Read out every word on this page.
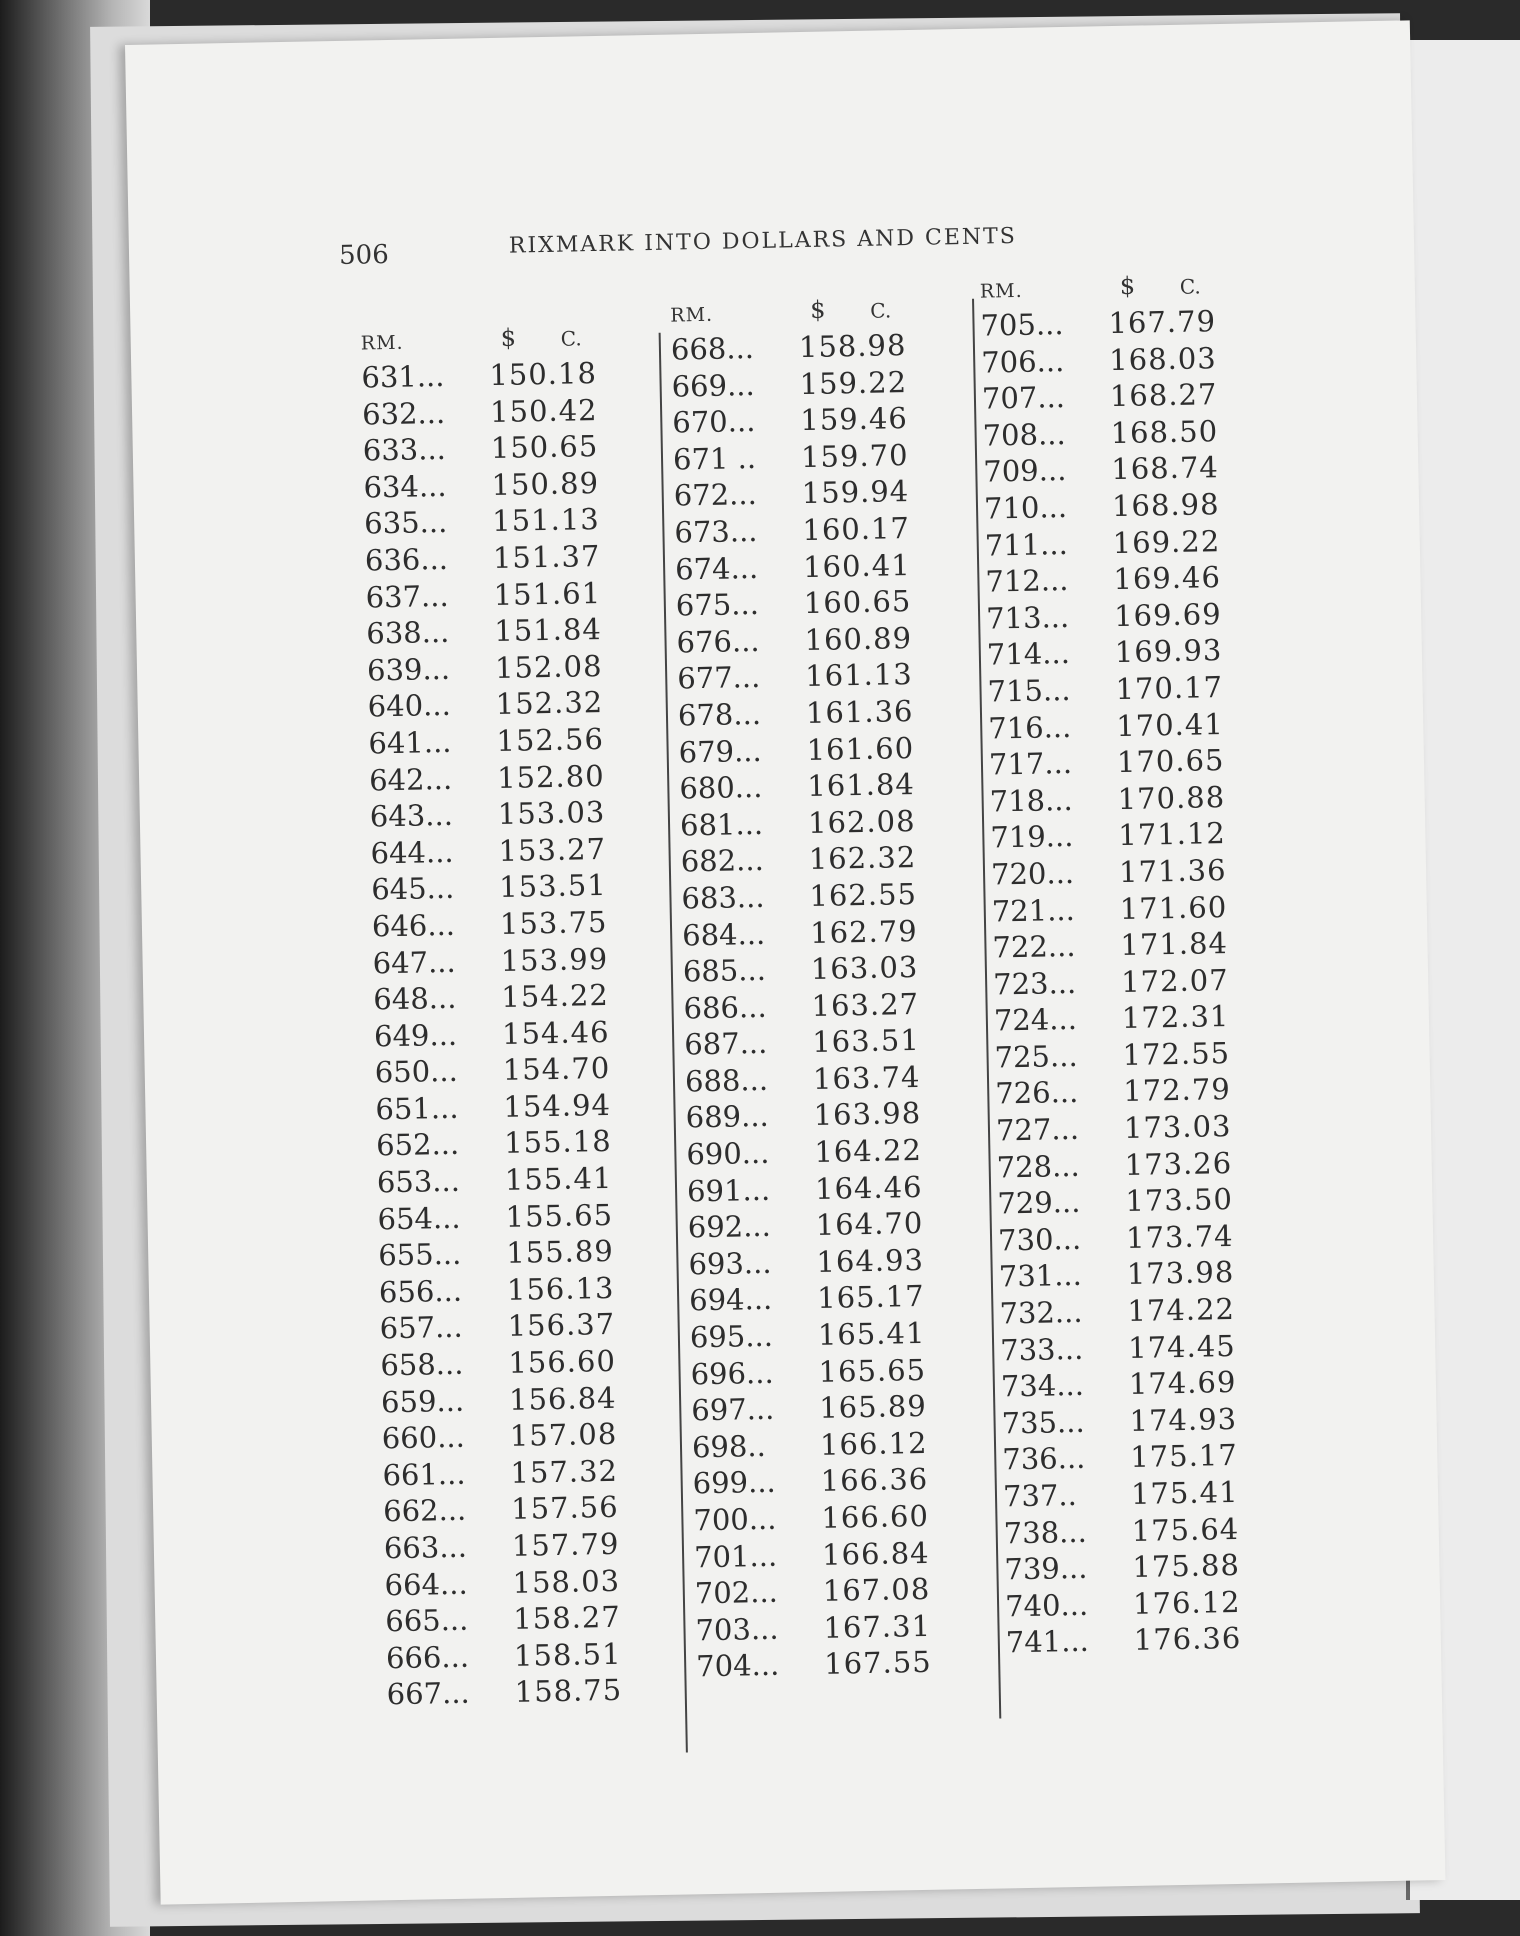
506	RIXMARK INTO DOLLARS AND CENTS
RM.	$ C.
631... 150.18
632... 150.42
633... 150.65
634... 150.89
635... 151.13
636... 151.37
637... 151.61
638... 151.84
639... 152.08
640... 152.32
641... 152.56
642... 152.80
643... 153.03
644... 153.27
645... 153.51
646... 153.75
647... 153.99
648... 154.22
649... 154.46
650... 154.70
651... 154.94
652... 155.18
653... 155.41
654... 155.65
655... 155.89
656... 156.13
657... 156.37
658... 156.60
659... 156.84
660... 157.08
661... 157.32
662... 157.56
663... 157.79
664... 158.03
665... 158.27
666... 158.51
667... 158.75
RM.	$ C.
668... 158.98
669... 159.22
670... 159.46
671 .. 159.70
672... 159.94
673... 160.17
674... 160.41
675... 160.65
676... 160.89
677... 161.13
678... 161.36
679... 161.60
680... 161.84
681... 162.08
682... 162.32
683... 162.55
684... 162.79
685... 163.03
686... 163.27
687... 163.51
688... 163.74
689... 163.98
690... 164.22
691... 164.46
692... 164.70
693... 164.93
694... 165.17
695... 165.41
696... 165.65
697... 165.89
698.. 166.12
699... 166.36
700... 166.60
701... 166.84
702... 167.08
703... 167.31
704... 167.55
RM.	$ C.
705... 167.79
706... 168.03
707... 168.27
708... 168.50
709... 168.74
710... 168.98
711... 169.22
712... 169.46
713... 169.69
714... 169.93
715... 170.17
716... 170.41
717... 170.65
718... 170.88
719... 171.12
720... 171.36
721... 171.60
722... 171.84
723... 172.07
724... 172.31
725... 172.55
726... 172.79
727... 173.03
728... 173.26
729... 173.50
730... 173.74
731... 173.98
732... 174.22
733... 174.45
734... 174.69
735... 174.93
736... 175.17
737.. 175.41
738... 175.64
739... 175.88
740... 176.12
741... 176.36
